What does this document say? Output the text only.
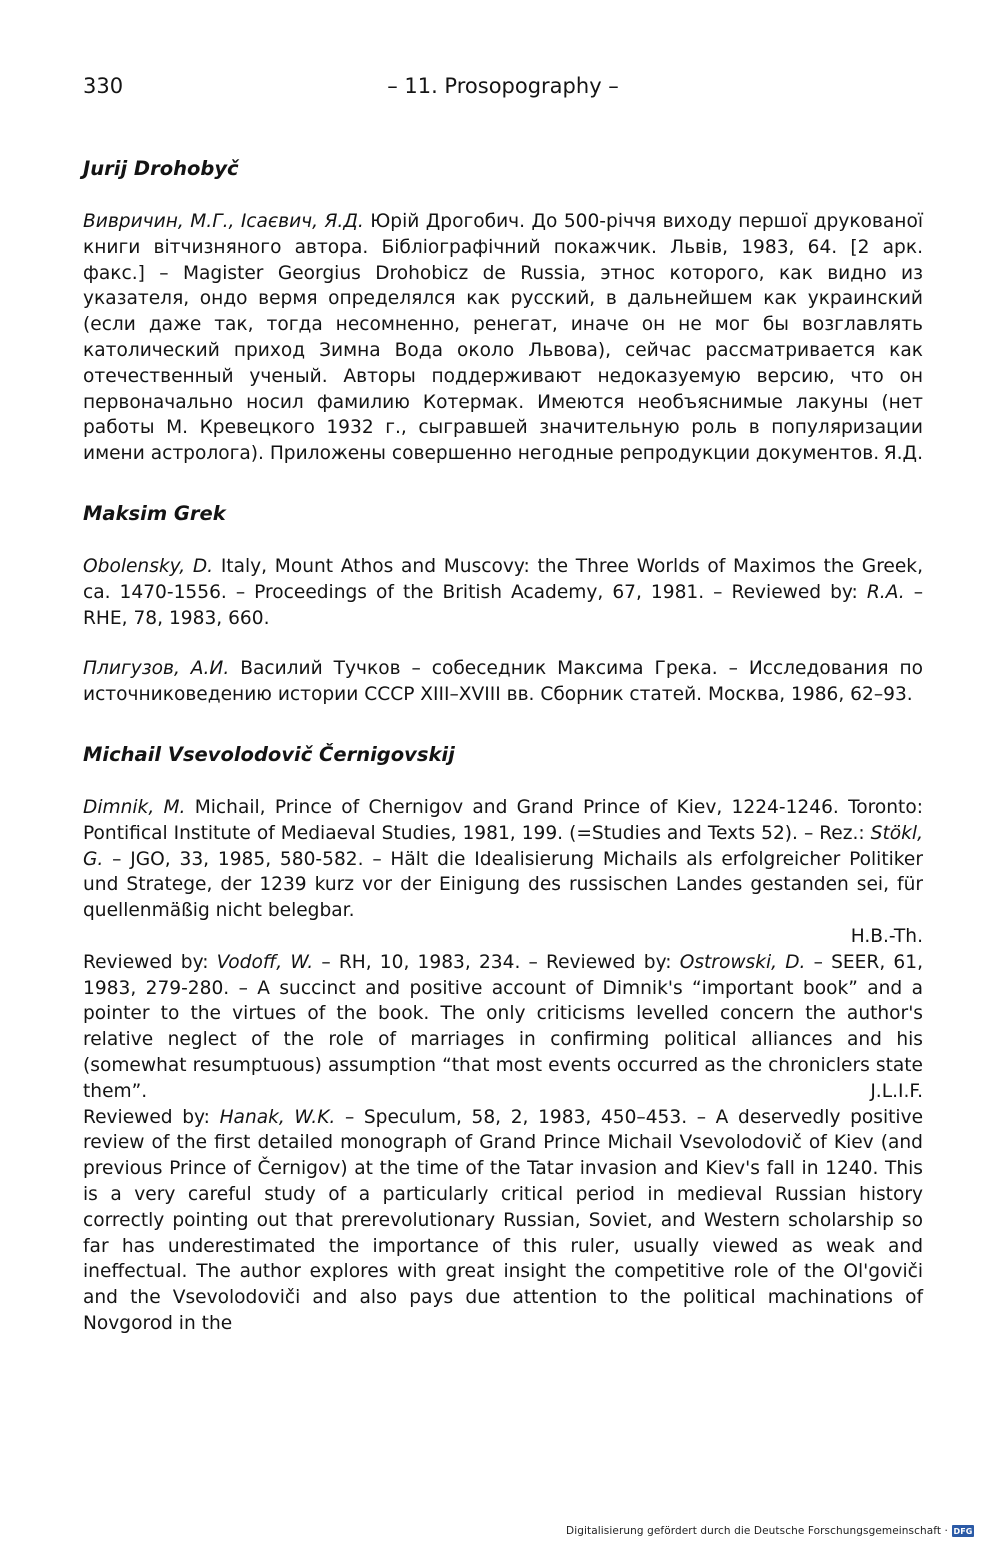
330	– 11. Prosopography –
Jurij Drohobyč

Вивричин, М.Г., Ісаєвич, Я.Д. Юрій Дрогобич. До 500-річчя виходу першої друкованої книги вітчизняного автора. Бібліографічний покажчик. Львів, 1983, 64. [2 арк. факс.] – Magister Georgius Drohobicz de Russia, этнос которого, как видно из указателя, ондо вермя определялся как русский, в дальнейшем как украинский (если даже так, тогда несомненно, ренегат, иначе он не мог бы возглавлять католический приход Зимна Вода около Львова), сейчас рассматривается как отечественный ученый. Авторы поддерживают недоказуемую версию, что он первоначально носил фамилию Котермак. Имеются необъяснимые лакуны (нет работы М. Кревецкого 1932 г., сыгравшей значительную роль в популяризации имени астролога). Приложены совершенно негодные репродукции документов. Я.Д.

Maksim Grek

Obolensky, D. Italy, Mount Athos and Muscovy: the Three Worlds of Maximos the Greek, ca. 1470-1556. – Proceedings of the British Academy, 67, 1981. – Reviewed by: R.A. – RHE, 78, 1983, 660.

Плигузов, А.И. Василий Тучков – собеседник Максима Грека. – Исследования по источниковедению истории СССР XIII–XVIII вв. Сборник статей. Москва, 1986, 62–93.

Michail Vsevolodovič Černigovskij

Dimnik, M. Michail, Prince of Chernigov and Grand Prince of Kiev, 1224-1246. Toronto: Pontifical Institute of Mediaeval Studies, 1981, 199. (=Studies and Texts 52). – Rez.: Stökl, G. – JGO, 33, 1985, 580-582. – Hält die Idealisierung Michails als erfolgreicher Politiker und Stratege, der 1239 kurz vor der Einigung des russischen Landes gestanden sei, für quellenmäßig nicht belegbar.

H.B.-Th.

Reviewed by: Vodoff, W. – RH, 10, 1983, 234. – Reviewed by: Ostrowski, D. – SEER, 61, 1983, 279-280. – A succinct and positive account of Dimnik's “important book” and a pointer to the virtues of the book. The only criticisms levelled concern the author's relative neglect of the role of marriages in confirming political alliances and his (somewhat resumptuous) assumption “that most events occurred as the chroniclers state them”.	J.L.I.F.

Reviewed by: Hanak, W.K. – Speculum, 58, 2, 1983, 450–453. – A deservedly positive review of the first detailed monograph of Grand Prince Michail Vsevolodovič of Kiev (and previous Prince of Černigov) at the time of the Tatar invasion and Kiev's fall in 1240. This is a very careful study of a particularly critical period in medieval Russian history correctly pointing out that prerevolutionary Russian, Soviet, and Western scholarship so far has underestimated the importance of this ruler, usually viewed as weak and ineffectual. The author explores with great insight the competitive role of the Ol'goviči and the Vsevolodoviči and also pays due attention to the political machinations of Novgorod in the

Digitalisierung gefördert durch die Deutsche Forschungsgemeinschaft · DFG
